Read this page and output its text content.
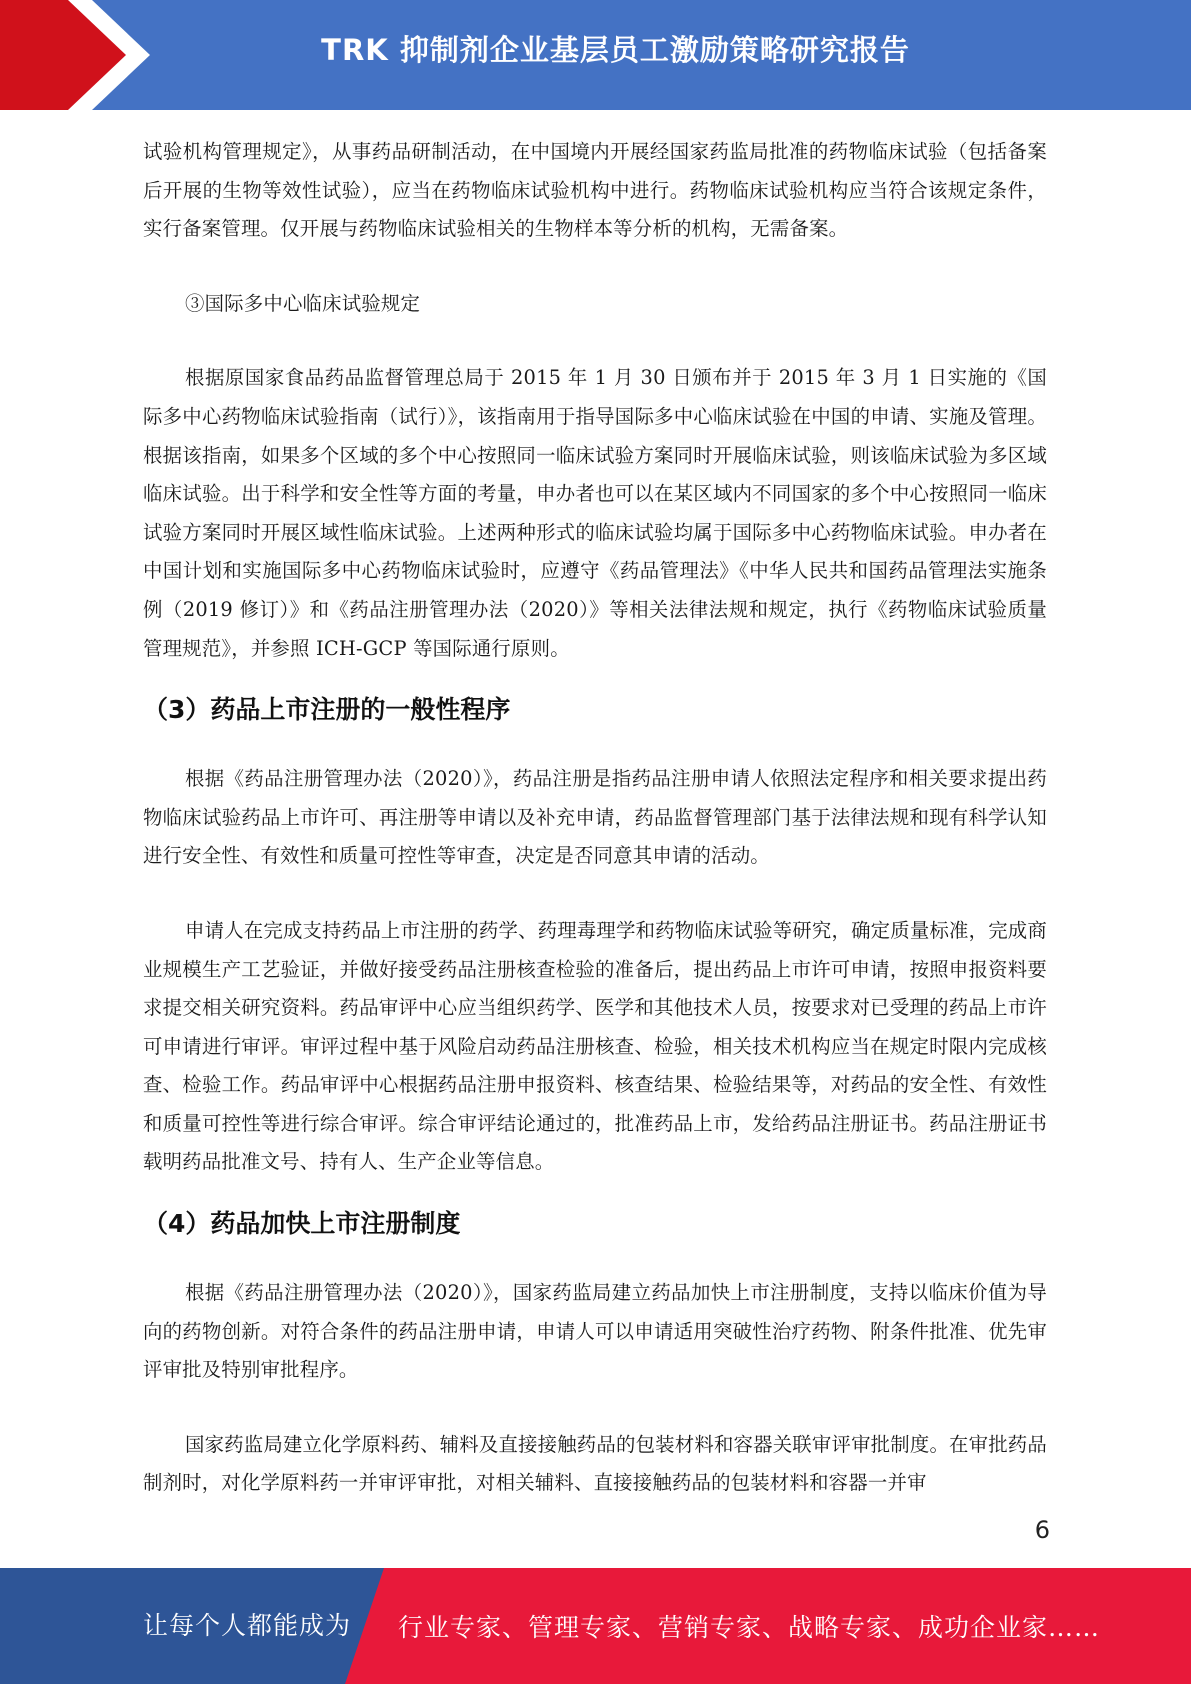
TRK 抑制剂企业基层员工激励策略研究报告

试验机构管理规定》，从事药品研制活动，在中国境内开展经国家药监局批准的药物临床试验（包括备案后开展的生物等效性试验），应当在药物临床试验机构中进行。药物临床试验机构应当符合该规定条件，实行备案管理。仅开展与药物临床试验相关的生物样本等分析的机构，无需备案。

③国际多中心临床试验规定

根据原国家食品药品监督管理总局于 2015 年 1 月 30 日颁布并于 2015 年 3 月 1 日实施的《国际多中心药物临床试验指南（试行）》，该指南用于指导国际多中心临床试验在中国的申请、实施及管理。根据该指南，如果多个区域的多个中心按照同一临床试验方案同时开展临床试验，则该临床试验为多区域临床试验。出于科学和安全性等方面的考量，申办者也可以在某区域内不同国家的多个中心按照同一临床试验方案同时开展区域性临床试验。上述两种形式的临床试验均属于国际多中心药物临床试验。申办者在中国计划和实施国际多中心药物临床试验时，应遵守《药品管理法》《中华人民共和国药品管理法实施条例（2019 修订）》和《药品注册管理办法（2020）》等相关法律法规和规定，执行《药物临床试验质量管理规范》，并参照 ICH-GCP 等国际通行原则。

（3）药品上市注册的一般性程序

根据《药品注册管理办法（2020）》，药品注册是指药品注册申请人依照法定程序和相关要求提出药物临床试验药品上市许可、再注册等申请以及补充申请，药品监督管理部门基于法律法规和现有科学认知进行安全性、有效性和质量可控性等审查，决定是否同意其申请的活动。

申请人在完成支持药品上市注册的药学、药理毒理学和药物临床试验等研究，确定质量标准，完成商业规模生产工艺验证，并做好接受药品注册核查检验的准备后，提出药品上市许可申请，按照申报资料要求提交相关研究资料。药品审评中心应当组织药学、医学和其他技术人员，按要求对已受理的药品上市许可申请进行审评。审评过程中基于风险启动药品注册核查、检验，相关技术机构应当在规定时限内完成核查、检验工作。药品审评中心根据药品注册申报资料、核查结果、检验结果等，对药品的安全性、有效性和质量可控性等进行综合审评。综合审评结论通过的，批准药品上市，发给药品注册证书。药品注册证书载明药品批准文号、持有人、生产企业等信息。

（4）药品加快上市注册制度

根据《药品注册管理办法（2020）》，国家药监局建立药品加快上市注册制度，支持以临床价值为导向的药物创新。对符合条件的药品注册申请，申请人可以申请适用突破性治疗药物、附条件批准、优先审评审批及特别审批程序。

国家药监局建立化学原料药、辅料及直接接触药品的包装材料和容器关联审评审批制度。在审批药品制剂时，对化学原料药一并审评审批，对相关辅料、直接接触药品的包装材料和容器一并审

6
让每个人都能成为 行业专家、管理专家、营销专家、战略专家、成功企业家……
